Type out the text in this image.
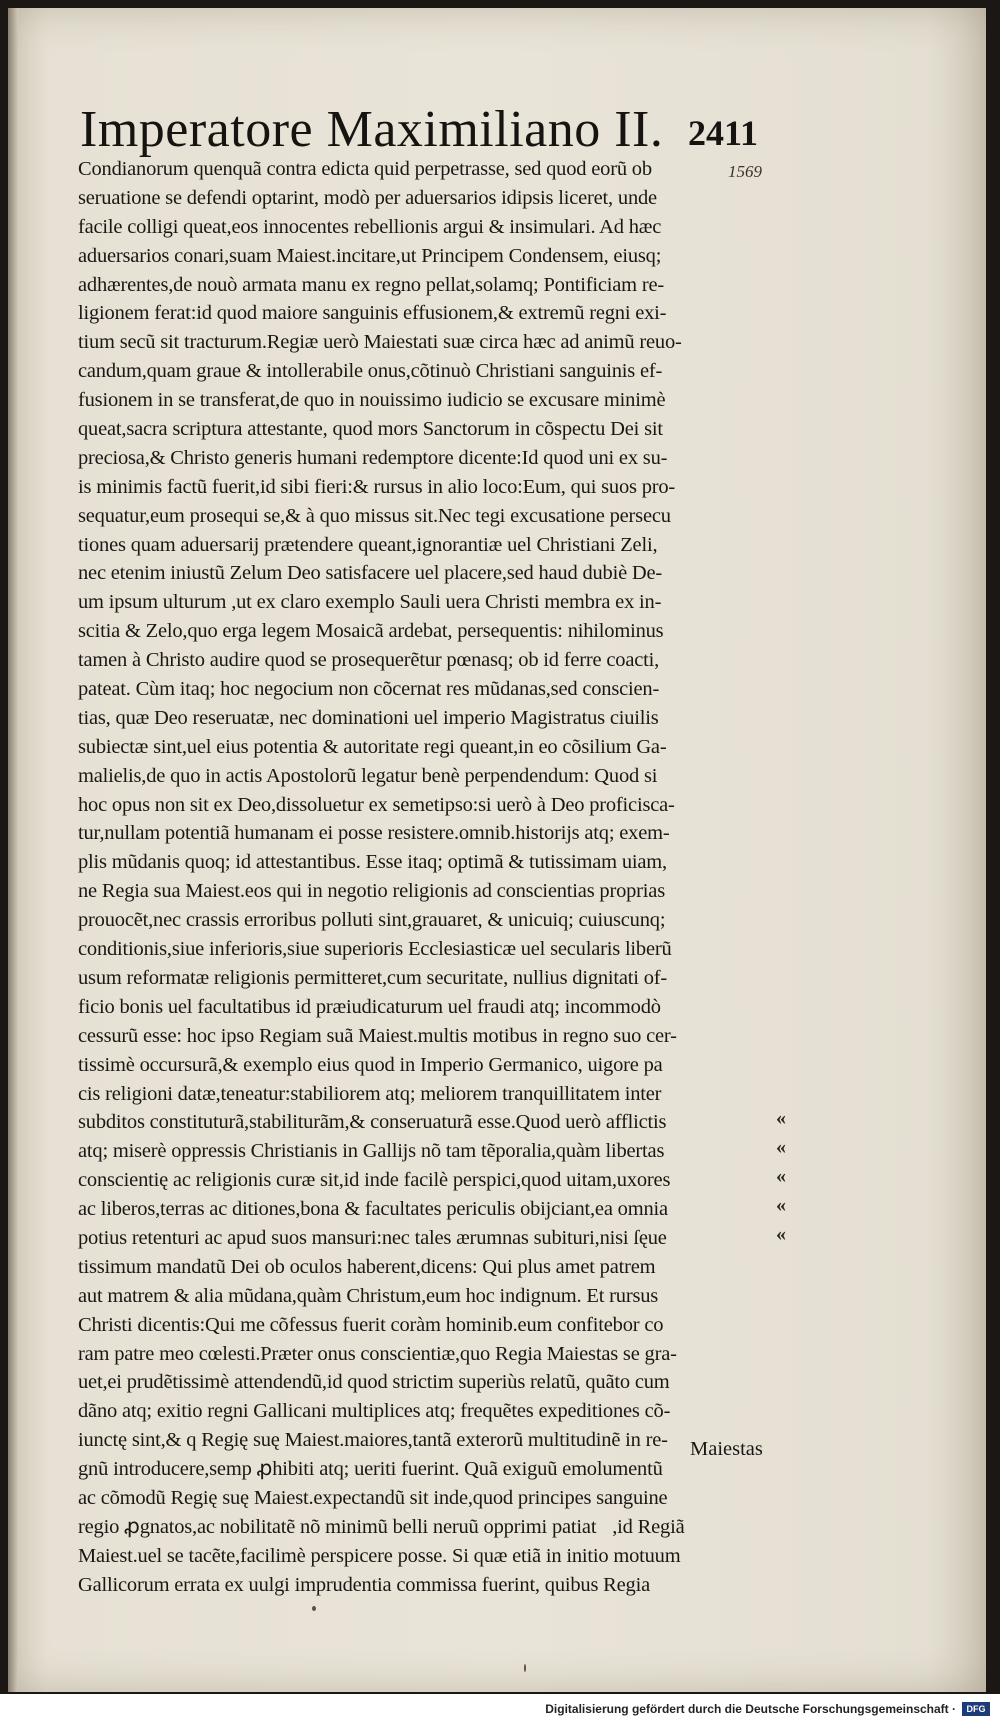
Imperatore Maximiliano II. 2411
1569
Condianorum quenquã contra edicta quid perpetrasse, sed quod eorũ ob
seruatione se defendi optarint, modò per aduersarios idipsis liceret, unde
facile colligi queat,eos innocentes rebellionis argui & insimulari. Ad hæc
aduersarios conari,suam Maiest.incitare,ut Principem Condensem, eiusq;
adhærentes,de nouò armata manu ex regno pellat,solamq; Pontificiam re-
ligionem ferat:id quod maiore sanguinis effusionem,& extremũ regni exi-
tium secũ sit tracturum.Regiæ uerò Maiestati suæ circa hæc ad animũ reuo-
candum,quam graue & intollerabile onus,cõtinuò Christiani sanguinis ef-
fusionem in se transferat,de quo in nouissimo iudicio se excusare minimè
queat,sacra scriptura attestante, quod mors Sanctorum in cõspectu Dei sit
preciosa,& Christo generis humani redemptore dicente:Id quod uni ex su-
is minimis factũ fuerit,id sibi fieri:& rursus in alio loco:Eum, qui suos pro-
sequatur,eum prosequi se,& à quo missus sit.Nec tegi excusatione persecu
tiones quam aduersarij prætendere queant,ignorantiæ uel Christiani Zeli,
nec etenim iniustũ Zelum Deo satisfacere uel placere,sed haud dubiè De-
um ipsum ulturum ,ut ex claro exemplo Sauli uera Christi membra ex in-
scitia & Zelo,quo erga legem Mosaicã ardebat, persequentis: nihilominus
tamen à Christo audire quod se prosequerẽtur pœnasq; ob id ferre coacti,
pateat. Cùm itaq; hoc negocium non cõcernat res mũdanas,sed conscien-
tias, quæ Deo reseruatæ, nec dominationi uel imperio Magistratus ciuilis
subiectæ sint,uel eius potentia & autoritate regi queant,in eo cõsilium Ga-
malielis,de quo in actis Apostolorũ legatur benè perpendendum: Quod si
hoc opus non sit ex Deo,dissoluetur ex semetipso:si uerò à Deo proficisca-
tur,nullam potentiã humanam ei posse resistere.omnib.historijs atq; exem-
plis mũdanis quoq; id attestantibus. Esse itaq; optimã & tutissimam uiam,
ne Regia sua Maiest.eos qui in negotio religionis ad conscientias proprias
prouocẽt,nec crassis erroribus polluti sint,grauaret, & unicuiq; cuiuscunq;
conditionis,siue inferioris,siue superioris Ecclesiasticæ uel secularis liberũ
usum reformatæ religionis permitteret,cum securitate, nullius dignitati of-
ficio bonis uel facultatibus id præiudicaturum uel fraudi atq; incommodò
cessurũ esse: hoc ipso Regiam suã Maiest.multis motibus in regno suo cer-
tissimè occursurã,& exemplo eius quod in Imperio Germanico, uigore pa
cis religioni datæ,teneatur:stabiliorem atq; meliorem tranquillitatem inter
subditos constituturã,stabiliturãm,& conseruaturã esse.Quod uerò afflictis
atq; miserè oppressis Christianis in Gallijs nõ tam tẽporalia,quàm libertas
conscientię ac religionis curæ sit,id inde facilè perspici,quod uitam,uxores
ac liberos,terras ac ditiones,bona & facultates periculis obijciant,ea omnia
potius retenturi ac apud suos mansuri:nec tales ærumnas subituri,nisi ſęue
tissimum mandatũ Dei ob oculos haberent,dicens: Qui plus amet patrem
aut matrem & alia mũdana,quàm Christum,eum hoc indignum. Et rursus
Christi dicentis:Qui me cõfessus fuerit coràm hominib.eum confitebor co
ram patre meo cœlesti.Præter onus conscientiæ,quo Regia Maiestas se gra-
uet,ei prudẽtissimè attendendũ,id quod strictim superiùs relatũ, quãto cum
dãno atq; exitio regni Gallicani multiplices atq; frequẽtes expeditiones cõ-
iunctę sint,& q Regię suę Maiest.maiores,tantã exterorũ multitudinẽ in re-
gnũ introducere,semp ꝓhibiti atq; ueriti fuerint. Quã exiguũ emolumentũ
ac cõmodũ Regię suę Maiest.expectandũ sit inde,quod principes sanguine
regio ꝓgnatos,ac nobilitatẽ nõ minimũ belli neruũ opprimi patiatᷣ,id Regiã
Maiest.uel se tacẽte,facilimè perspicere posse. Si quæ etiã in initio motuum
Gallicorum errata ex uulgi imprudentia commissa fuerint, quibus Regia
«
«
«
«
«
Maiestas
Digitalisierung gefördert durch die Deutsche Forschungsgemeinschaft ·	DFG
